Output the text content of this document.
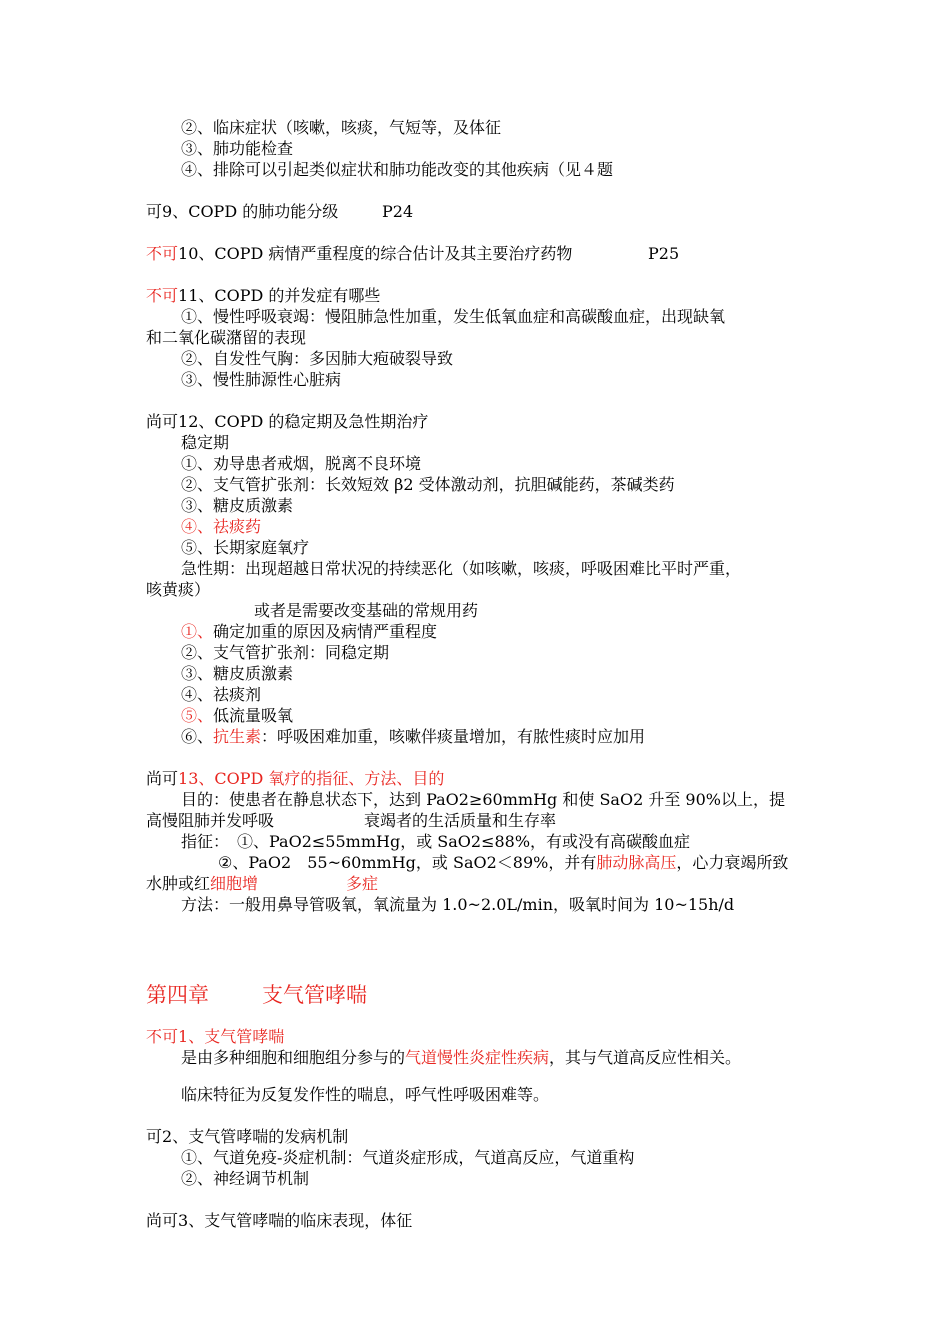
②、临床症状（咳嗽，咳痰，气短等，及体征
③、肺功能检查
④、排除可以引起类似症状和肺功能改变的其他疾病（见４题
可9、COPD 的肺功能分级	P24
不可10、COPD 病情严重程度的综合估计及其主要治疗药物	P25
不可11、COPD 的并发症有哪些
①、慢性呼吸衰竭：慢阻肺急性加重，发生低氧血症和高碳酸血症，出现缺氧
和二氧化碳潴留的表现
②、自发性气胸：多因肺大疱破裂导致
③、慢性肺源性心脏病
尚可12、COPD 的稳定期及急性期治疗
稳定期
①、劝导患者戒烟，脱离不良环境
②、支气管扩张剂：长效短效 β2 受体激动剂，抗胆碱能药，茶碱类药
③、糖皮质激素
④、祛痰药
⑤、长期家庭氧疗
急性期：出现超越日常状况的持续恶化（如咳嗽，咳痰，呼吸困难比平时严重，
咳黄痰）
或者是需要改变基础的常规用药
①、确定加重的原因及病情严重程度
②、支气管扩张剂：同稳定期
③、糖皮质激素
④、祛痰剂
⑤、低流量吸氧
⑥、抗生素：呼吸困难加重，咳嗽伴痰量增加，有脓性痰时应加用
尚可13、COPD 氧疗的指征、方法、目的
目的：使患者在静息状态下，达到 PaO2≥60mmHg 和使 SaO2 升至 90%以上，提
高慢阻肺并发呼吸	衰竭者的生活质量和生存率
指征：　①、PaO2≤55mmHg，或 SaO2≤88%，有或没有高碳酸血症
②、PaO2　55~60mmHg，或 SaO2＜89%，并有肺动脉高压，心力衰竭所致
水肿或红细胞增	多症
方法：一般用鼻导管吸氧，氧流量为 1.0~2.0L/min，吸氧时间为 10~15h/d
第四章	支气管哮喘
不可1、支气管哮喘
是由多种细胞和细胞组分参与的气道慢性炎症性疾病，其与气道高反应性相关。
临床特征为反复发作性的喘息，呼气性呼吸困难等。
可2、支气管哮喘的发病机制
①、气道免疫-炎症机制：气道炎症形成，气道高反应，气道重构
②、神经调节机制
尚可3、支气管哮喘的临床表现，体征
